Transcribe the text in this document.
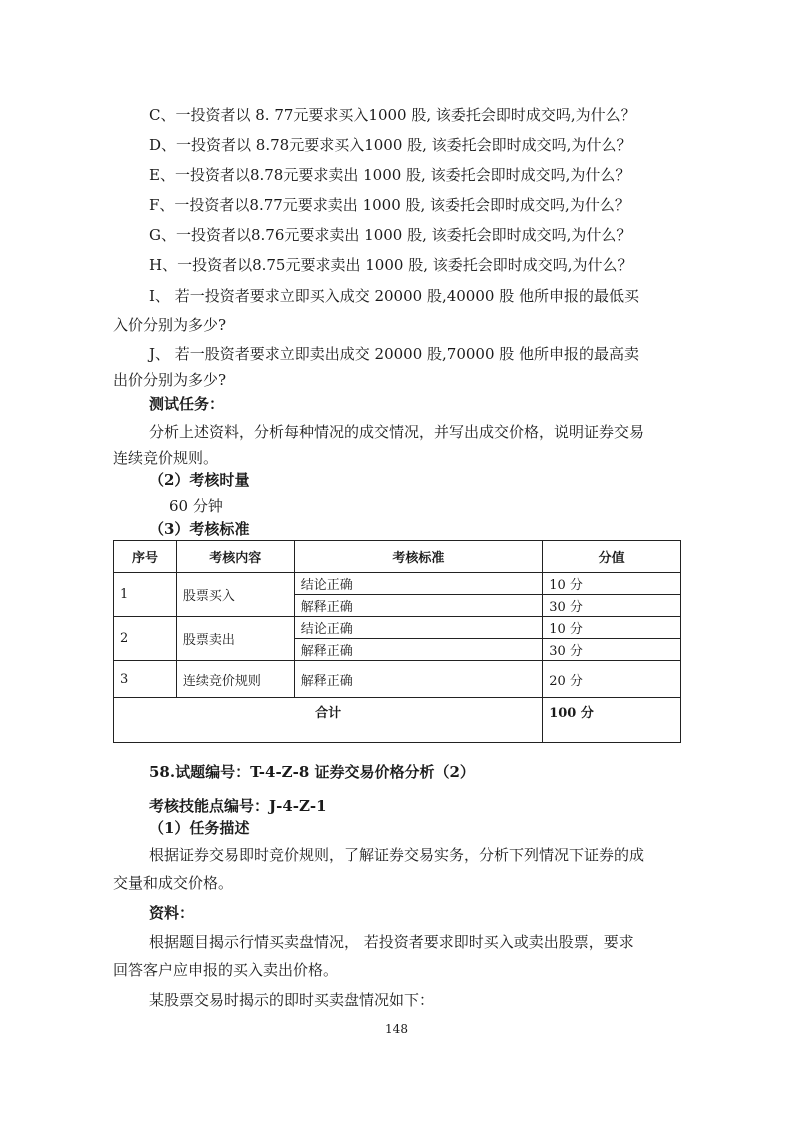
C、一投资者以 8. 77元要求买入1000 股, 该委托会即时成交吗,为什么？
D、一投资者以 8.78元要求买入1000 股, 该委托会即时成交吗,为什么？
E、一投资者以8.78元要求卖出 1000 股, 该委托会即时成交吗,为什么？
F、一投资者以8.77元要求卖出 1000 股, 该委托会即时成交吗,为什么？
G、一投资者以8.76元要求卖出 1000 股, 该委托会即时成交吗,为什么？
H、一投资者以8.75元要求卖出 1000 股, 该委托会即时成交吗,为什么？
I、 若一投资者要求立即买入成交 20000 股,40000 股 他所申报的最低买
入价分别为多少?
J、 若一股资者要求立即卖出成交 20000 股,70000 股 他所申报的最高卖
出价分别为多少?
测试任务：
分析上述资料，分析每种情况的成交情况，并写出成交价格，说明证券交易
连续竞价规则。
（2）考核时量
60 分钟
（3）考核标准
序号	考核内容	考核标准	分值
1	股票买入	结论正确	10 分
		解释正确	30 分
2	股票卖出	结论正确	10 分
		解释正确	30 分
3	连续竞价规则	解释正确	20 分
合计			100 分
58.试题编号：T-4-Z-8 证券交易价格分析（2）
考核技能点编号：J-4-Z-1
（1）任务描述
根据证券交易即时竞价规则，了解证券交易实务，分析下列情况下证券的成
交量和成交价格。
资料：
根据题目揭示行情买卖盘情况， 若投资者要求即时买入或卖出股票，要求
回答客户应申报的买入卖出价格。
某股票交易时揭示的即时买卖盘情况如下：
148
